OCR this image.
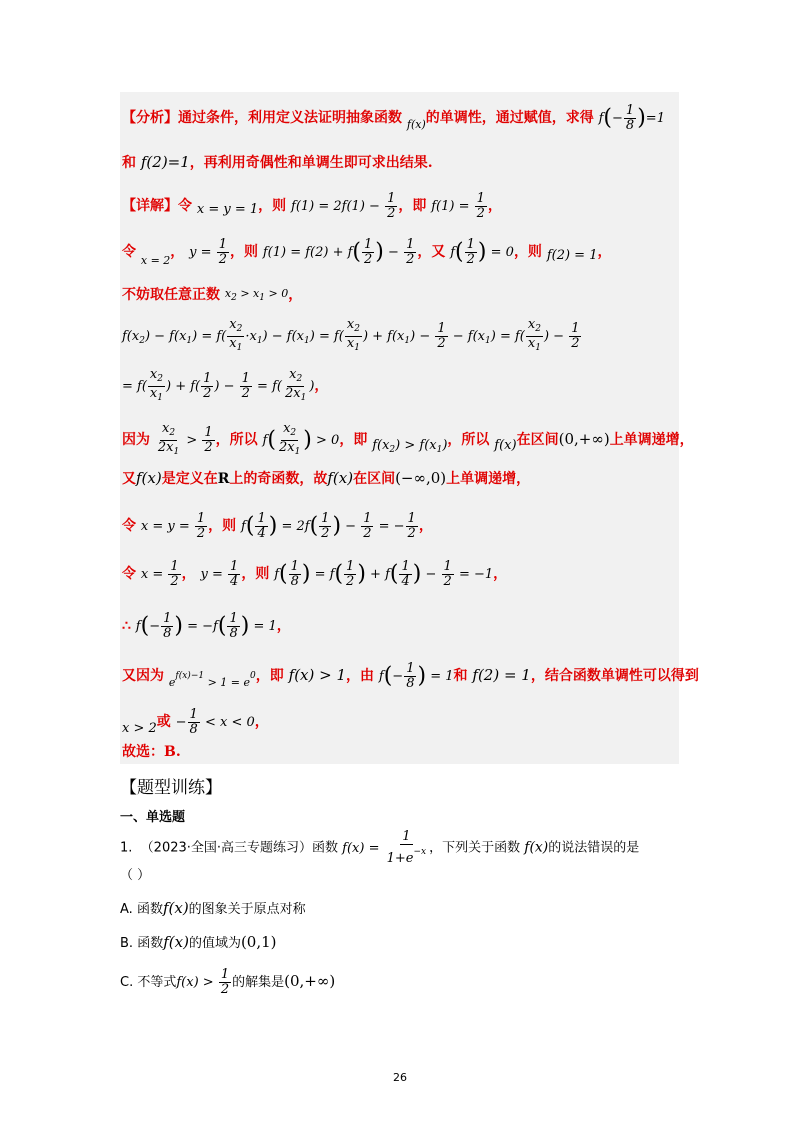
【分析】通过条件，利用定义法证明抽象函数 $_{f(x)}$的单调性，通过赋值，求得 $f(- \frac{1}{8} )=1$
和 f(2)=1，再利用奇偶性和单调生即可求出结果.
【详解】令 x = y = 1，则 $f(1) = 2f(1) - \frac{1}{2}$ ，即 $f(1) = \frac{1}{2}$ ，
令 $_{x = 2}$， $y = \frac{1}{2}$ ，则 $f(1) = f(2) + f( \frac{1}{2}$ ) − $\frac{1}{2}$ ，又 $f( \frac{1}{2}$ ) = 0，则 f(2) = 1，
不妨取任意正数 $x_2 > x_1 > 0$，
$f(x_2) - f(x_1) = f( \frac{x_2}{x_1} \cdot x_1) - f(x_1) = f( \frac{x_2}{x_1}$ ) + $f(x_1) - \frac{1}{2} - f(x_1) = f( \frac{x_2}{x_1}$ ) − $\frac{1}{2}$
= $f( \frac{x_2}{x_1}$ ) + $f( \frac{1}{2}$ ) − $\frac{1}{2} = f( \frac{x_2}{2x_1}$ )，
因为 $\frac{x_2}{2x_1} > \frac{1}{2}$ ，所以 $f( \frac{x_2}{2x_1}$ ) > 0，即 $f(x_2) > f(x_1)$，所以 f(x)在区间(0,+∞)上单调递增，
又f(x)是定义在R上的奇函数，故f(x)在区间(−∞,0)上单调递增，
令 $x = y = \frac{1}{2}$ ，则 $f( \frac{1}{4}$ ) = $2f( \frac{1}{2}$ ) − $\frac{1}{2}$ = − $\frac{1}{2}$ ，
令 $x = \frac{1}{2}$ ， $y = \frac{1}{4}$ ，则 $f( \frac{1}{8}$ ) = $f( \frac{1}{2}$ ) + $f( \frac{1}{4}$ ) − $\frac{1}{2} = -1$，
∴ $f(- \frac{1}{8}$ ) = $-f( \frac{1}{8}$ ) = 1，
又因为 $_{e^{f(x)-1} > 1 = e^0}$，即 f(x) > 1，由 $f(- \frac{1}{8}$ ) = 1和 f(2) = 1，结合函数单调性可以得到
x > 2或 − $\frac{1}{8} < x < 0$，
故选：B.
【题型训练】
一、单选题
1. （2023·全国·高三专题练习）函数 $f(x) = \frac{1}{1+e^{-x}}$ ，下列关于函数 f(x)的说法错误的是
（ ）
A. 函数f(x)的图象关于原点对称
B. 函数f(x)的值域为(0,1)
C. 不等式$f(x) > \frac{1}{2}$ 的解集是(0,+∞)
26
